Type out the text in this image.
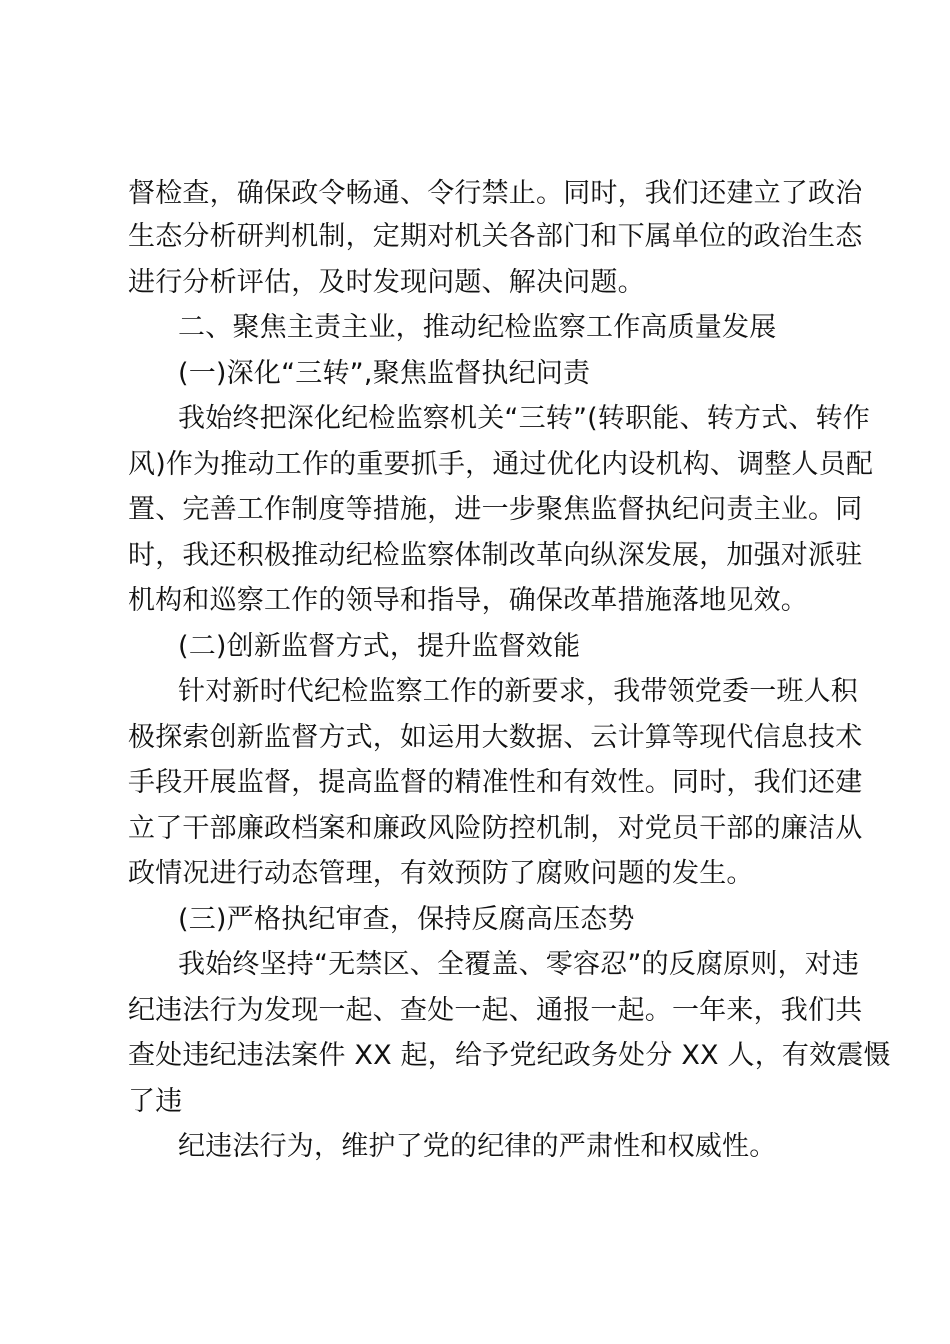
督检查，确保政令畅通、令行禁止。同时，我们还建立了政治
生态分析研判机制，定期对机关各部门和下属单位的政治生态
进行分析评估，及时发现问题、解决问题。
二、聚焦主责主业，推动纪检监察工作高质量发展
(一)深化“三转”,聚焦监督执纪问责
我始终把深化纪检监察机关“三转”(转职能、转方式、转作
风)作为推动工作的重要抓手，通过优化内设机构、调整人员配
置、完善工作制度等措施，进一步聚焦监督执纪问责主业。同
时，我还积极推动纪检监察体制改革向纵深发展，加强对派驻
机构和巡察工作的领导和指导，确保改革措施落地见效。
(二)创新监督方式，提升监督效能
针对新时代纪检监察工作的新要求，我带领党委一班人积
极探索创新监督方式，如运用大数据、云计算等现代信息技术
手段开展监督，提高监督的精准性和有效性。同时，我们还建
立了干部廉政档案和廉政风险防控机制，对党员干部的廉洁从
政情况进行动态管理，有效预防了腐败问题的发生。
(三)严格执纪审查，保持反腐高压态势
我始终坚持“无禁区、全覆盖、零容忍”的反腐原则，对违
纪违法行为发现一起、查处一起、通报一起。一年来，我们共
查处违纪违法案件 XX 起，给予党纪政务处分 XX 人，有效震慑
了违
纪违法行为，维护了党的纪律的严肃性和权威性。
